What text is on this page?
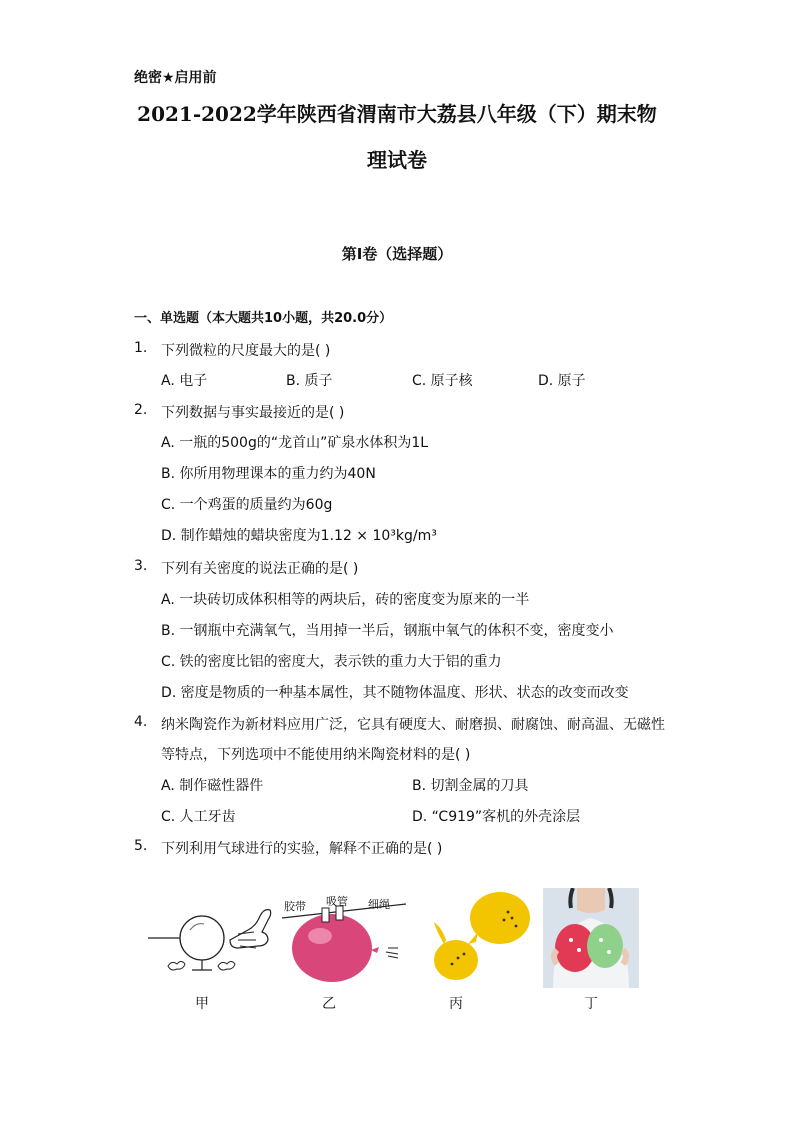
绝密★启用前
2021-2022学年陕西省渭南市大荔县八年级（下）期末物
理试卷
第I卷（选择题）
一、单选题（本大题共10小题，共20.0分）
1. 下列微粒的尺度最大的是( )
A. 电子	B. 质子	C. 原子核	D. 原子
2. 下列数据与事实最接近的是( )
A. 一瓶的500g的“龙首山”矿泉水体积为1L
B. 你所用物理课本的重力约为40N
C. 一个鸡蛋的质量约为60g
D. 制作蜡烛的蜡块密度为1.12 × 10³kg/m³
3. 下列有关密度的说法正确的是( )
A. 一块砖切成体积相等的两块后，砖的密度变为原来的一半
B. 一钢瓶中充满氧气，当用掉一半后，钢瓶中氧气的体积不变，密度变小
C. 铁的密度比铝的密度大，表示铁的重力大于铝的重力
D. 密度是物质的一种基本属性，其不随物体温度、形状、状态的改变而改变
4. 纳米陶瓷作为新材料应用广泛，它具有硬度大、耐磨损、耐腐蚀、耐高温、无磁性
等特点，下列选项中不能使用纳米陶瓷材料的是( )
A. 制作磁性器件	B. 切割金属的刀具
C. 人工牙齿	D. “C919”客机的外壳涂层
5. 下列利用气球进行的实验，解释不正确的是( )
甲
胶带 吸管 细绳
乙	丙	丁
